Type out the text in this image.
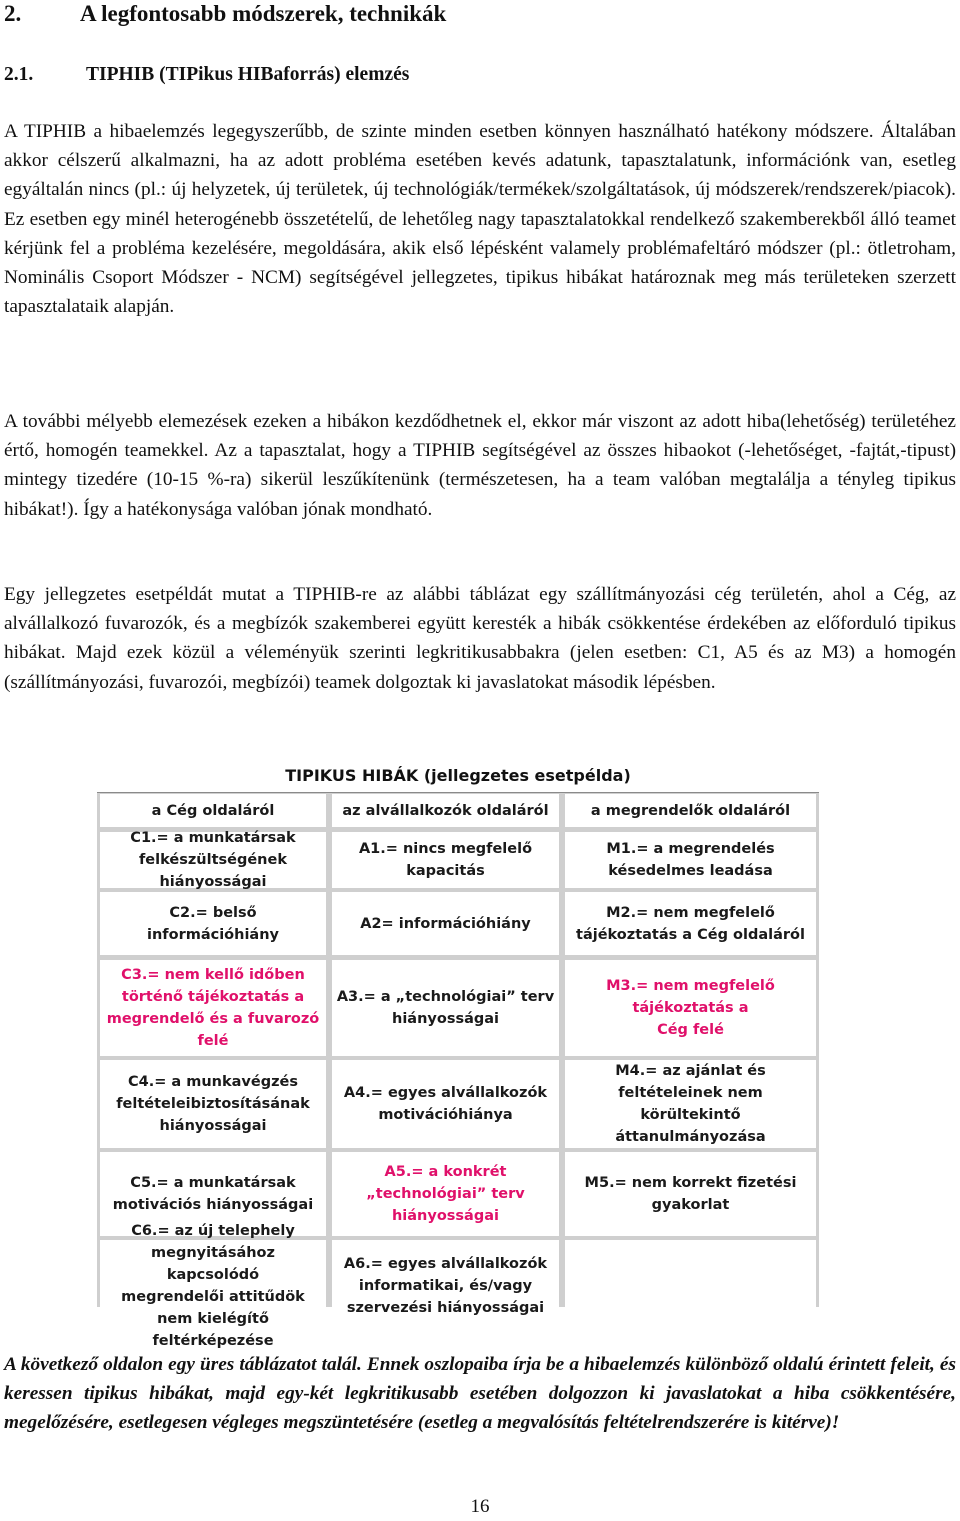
2.	A legfontosabb módszerek, technikák
2.1.	TIPHIB (TIPikus HIBaforrás) elemzés

A TIPHIB a hibaelemzés legegyszerűbb, de szinte minden esetben könnyen használható hatékony módszere. Általában akkor célszerű alkalmazni, ha az adott probléma esetében kevés adatunk, tapasztalatunk, információnk van, esetleg egyáltalán nincs (pl.: új helyzetek, új területek, új technológiák/termékek/szolgáltatások, új módszerek/rendszerek/piacok). Ez esetben egy minél heterogénebb összetételű, de lehetőleg nagy tapasztalatokkal rendelkező szakemberekből álló teamet kérjünk fel a probléma kezelésére, megoldására, akik első lépésként valamely problémafeltáró módszer (pl.: ötletroham, Nominális Csoport Módszer - NCM) segítségével jellegzetes, tipikus hibákat határoznak meg más területeken szerzett tapasztalataik alapján.

A további mélyebb elemezések ezeken a hibákon kezdődhetnek el, ekkor már viszont az adott hiba(lehetőség) területéhez értő, homogén teamekkel. Az a tapasztalat, hogy a TIPHIB segítségével az összes hibaokot (-lehetőséget, -fajtát,-tipust) mintegy tizedére (10-15 %-ra) sikerül leszűkítenünk (természetesen, ha a team valóban megtalálja a tényleg tipikus hibákat!). Így a hatékonysága valóban jónak mondható.

Egy jellegzetes esetpéldát mutat a TIPHIB-re az alábbi táblázat egy szállítmányozási cég területén, ahol a Cég, az alvállalkozó fuvarozók, és a megbízók szakemberei együtt keresték a hibák csökkentése érdekében az előforduló tipikus hibákat. Majd ezek közül a véleményük szerinti legkritikusabbakra (jelen esetben: C1, A5 és az M3) a homogén (szállítmányozási, fuvarozói, megbízói) teamek dolgoztak ki javaslatokat második lépésben.

TIPIKUS HIBÁK (jellegzetes esetpélda)
a Cég oldaláról
C1.= a munkatársak
felkészültségének
hiányosságai
C2.= belső
információhiány
C3.= nem kellő időben
történő tájékoztatás a
megrendelő és a fuvarozó
felé
C4.= a munkavégzés
feltételeibiztosításának
hiányosságai
C5.= a munkatársak
motivációs hiányosságai

megnyitásához kapcsolódó
megrendelői attitűdök
nem kielégítő feltérképezése
az alvállalkozók oldaláról
A1.= nincs megfelelő
kapacitás
A2= információhiány
A3.= a „technológiai” terv
hiányosságai
A4.= egyes alvállalkozók
motivációhiánya
A5.= a konkrét
„technológiai” terv
hiányosságai
A6.= egyes alvállalkozók
informatikai, és/vagy
szervezési hiányosságai
a megrendelők oldaláról
M1.= a megrendelés
késedelmes leadása
M2.= nem megfelelő
tájékoztatás a Cég oldaláról
M3.= nem megfelelő
tájékoztatás a
Cég felé
M4.= az ajánlat és
feltételeinek nem
körültekintő áttanulmányozása
M5.= nem korrekt fizetési
gyakorlat

A következő oldalon egy üres táblázatot talál. Ennek oszlopaiba írja be a hibaelemzés különböző oldalú érintett feleit, és keressen tipikus hibákat, majd egy-két legkritikusabb esetében dolgozzon ki javaslatokat a hiba csökkentésére, megelőzésére, esetlegesen végleges megszüntetésére (esetleg a megvalósítás feltételrendszerére is kitérve)!

16
